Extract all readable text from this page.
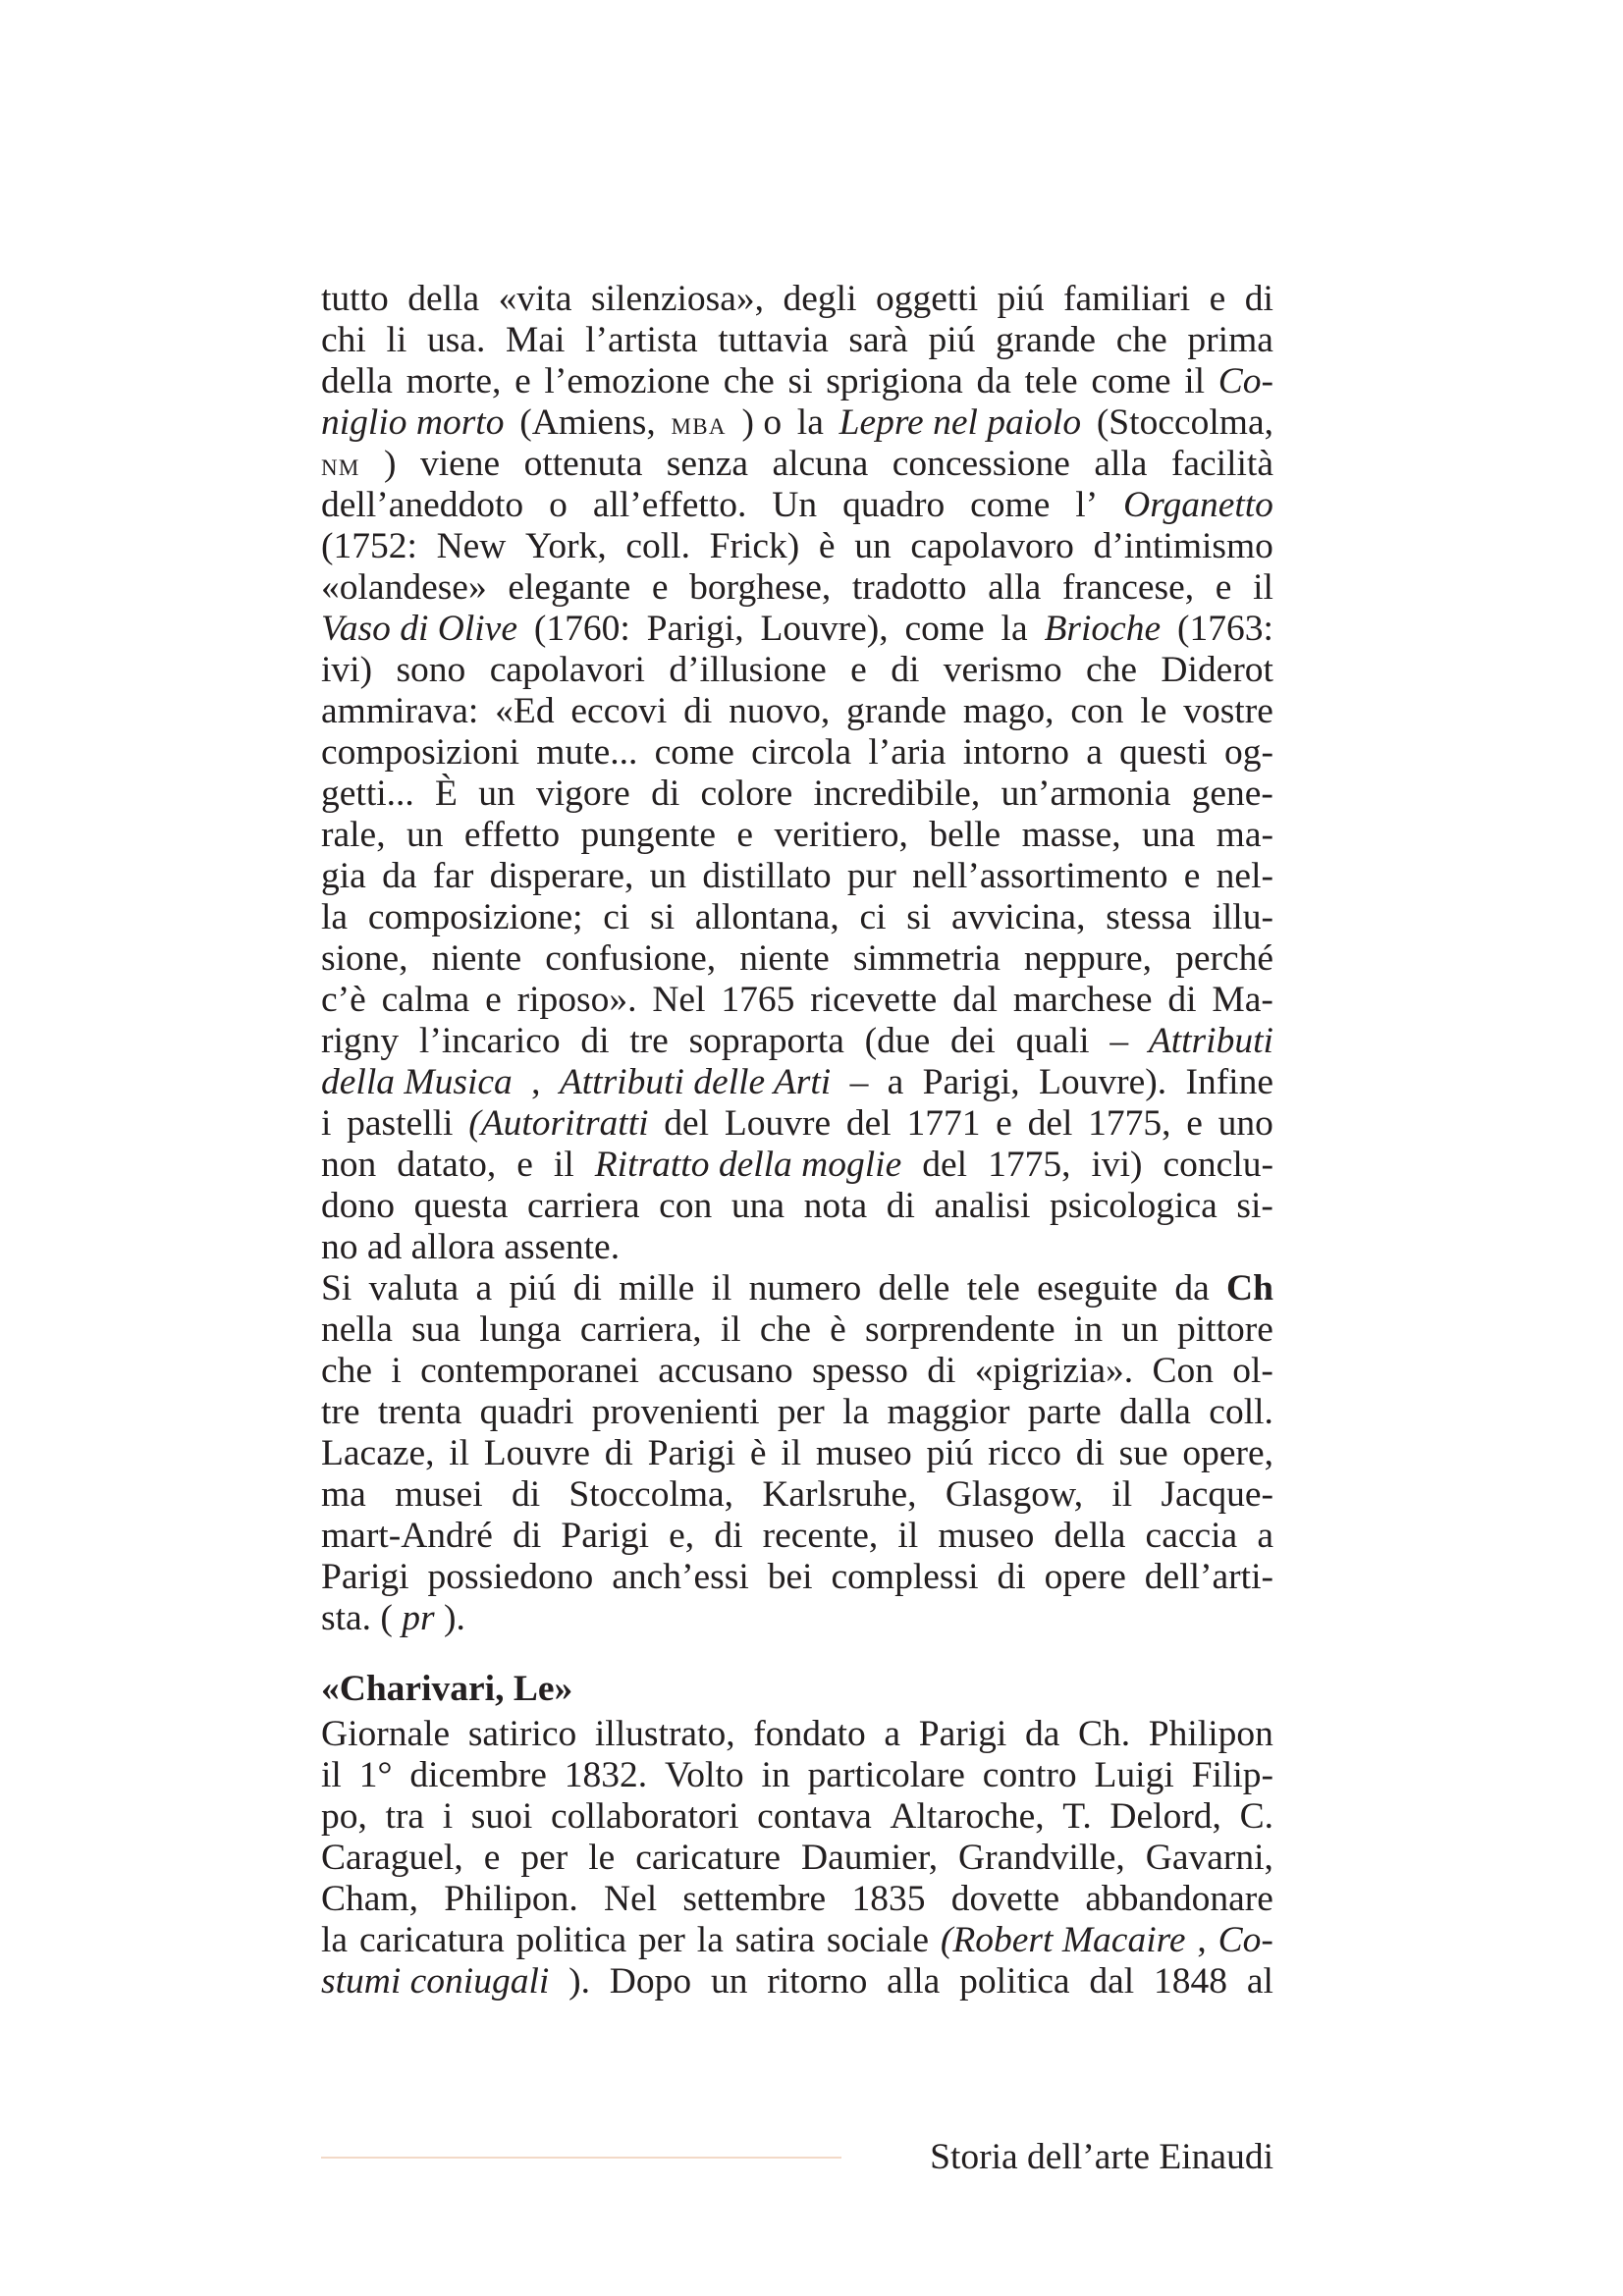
tutto della «vita silenziosa», degli oggetti piú familiari e di
chi li usa. Mai l’artista tuttavia sarà piú grande che prima
della morte, e l’emozione che si sprigiona da tele come il Co-
niglio morto (Amiens, mba ) o la Lepre nel paiolo (Stoccolma,
nm ) viene ottenuta senza alcuna concessione alla facilità
dell’aneddoto o all’effetto. Un quadro come l’ Organetto
(1752: New York, coll. Frick) è un capolavoro d’intimismo
«olandese» elegante e borghese, tradotto alla francese, e il
Vaso di Olive (1760: Parigi, Louvre), come la Brioche (1763:
ivi) sono capolavori d’illusione e di verismo che Diderot
ammirava: «Ed eccovi di nuovo, grande mago, con le vostre
composizioni mute... come circola l’aria intorno a questi og-
getti... È un vigore di colore incredibile, un’armonia gene-
rale, un effetto pungente e veritiero, belle masse, una ma-
gia da far disperare, un distillato pur nell’assortimento e nel-
la composizione; ci si allontana, ci si avvicina, stessa illu-
sione, niente confusione, niente simmetria neppure, perché
c’è calma e riposo». Nel 1765 ricevette dal marchese di Ma-
rigny l’incarico di tre sopraporta (due dei quali – Attributi
della Musica , Attributi delle Arti – a Parigi, Louvre). Infine
i pastelli (Autoritratti del Louvre del 1771 e del 1775, e uno
non datato, e il Ritratto della moglie del 1775, ivi) conclu-
dono questa carriera con una nota di analisi psicologica si-
no ad allora assente.
Si valuta a piú di mille il numero delle tele eseguite da Ch
nella sua lunga carriera, il che è sorprendente in un pittore
che i contemporanei accusano spesso di «pigrizia». Con ol-
tre trenta quadri provenienti per la maggior parte dalla coll.
Lacaze, il Louvre di Parigi è il museo piú ricco di sue opere,
ma musei di Stoccolma, Karlsruhe, Glasgow, il Jacque-
mart-André di Parigi e, di recente, il museo della caccia a
Parigi possiedono anch’essi bei complessi di opere dell’arti-
sta. ( pr ).
«Charivari, Le»
Giornale satirico illustrato, fondato a Parigi da Ch. Philipon
il 1° dicembre 1832. Volto in particolare contro Luigi Filip-
po, tra i suoi collaboratori contava Altaroche, T. Delord, C.
Caraguel, e per le caricature Daumier, Grandville, Gavarni,
Cham, Philipon. Nel settembre 1835 dovette abbandonare
la caricatura politica per la satira sociale (Robert Macaire , Co-
stumi coniugali ). Dopo un ritorno alla politica dal 1848 al
Storia dell’arte Einaudi
